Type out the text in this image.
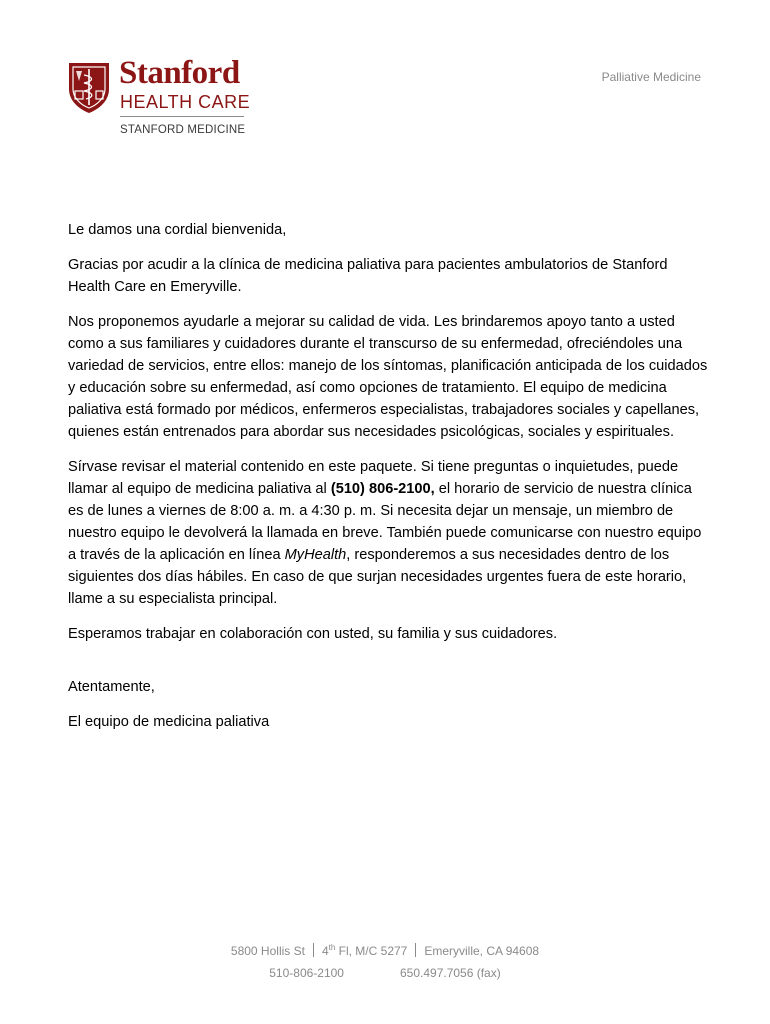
Stanford
HEALTH CARE
STANFORD MEDICINE
Palliative Medicine

Le damos una cordial bienvenida,

Gracias por acudir a la clínica de medicina paliativa para pacientes ambulatorios de Stanford Health Care en Emeryville.

Nos proponemos ayudarle a mejorar su calidad de vida. Les brindaremos apoyo tanto a usted como a sus familiares y cuidadores durante el transcurso de su enfermedad, ofreciéndoles una variedad de servicios, entre ellos: manejo de los síntomas, planificación anticipada de los cuidados y educación sobre su enfermedad, así como opciones de tratamiento. El equipo de medicina paliativa está formado por médicos, enfermeros especialistas, trabajadores sociales y capellanes, quienes están entrenados para abordar sus necesidades psicológicas, sociales y espirituales.

Sírvase revisar el material contenido en este paquete. Si tiene preguntas o inquietudes, puede llamar al equipo de medicina paliativa al (510) 806-2100, el horario de servicio de nuestra clínica es de lunes a viernes de 8:00 a. m. a 4:30 p. m. Si necesita dejar un mensaje, un miembro de nuestro equipo le devolverá la llamada en breve. También puede comunicarse con nuestro equipo a través de la aplicación en línea MyHealth, responderemos a sus necesidades dentro de los siguientes dos días hábiles. En caso de que surjan necesidades urgentes fuera de este horario, llame a su especialista principal.

Esperamos trabajar en colaboración con usted, su familia y sus cuidadores.

Atentamente,

El equipo de medicina paliativa

5800 Hollis St 4th Fl, M/C 5277 Emeryville, CA 94608
510-806-2100	650.497.7056 (fax)
